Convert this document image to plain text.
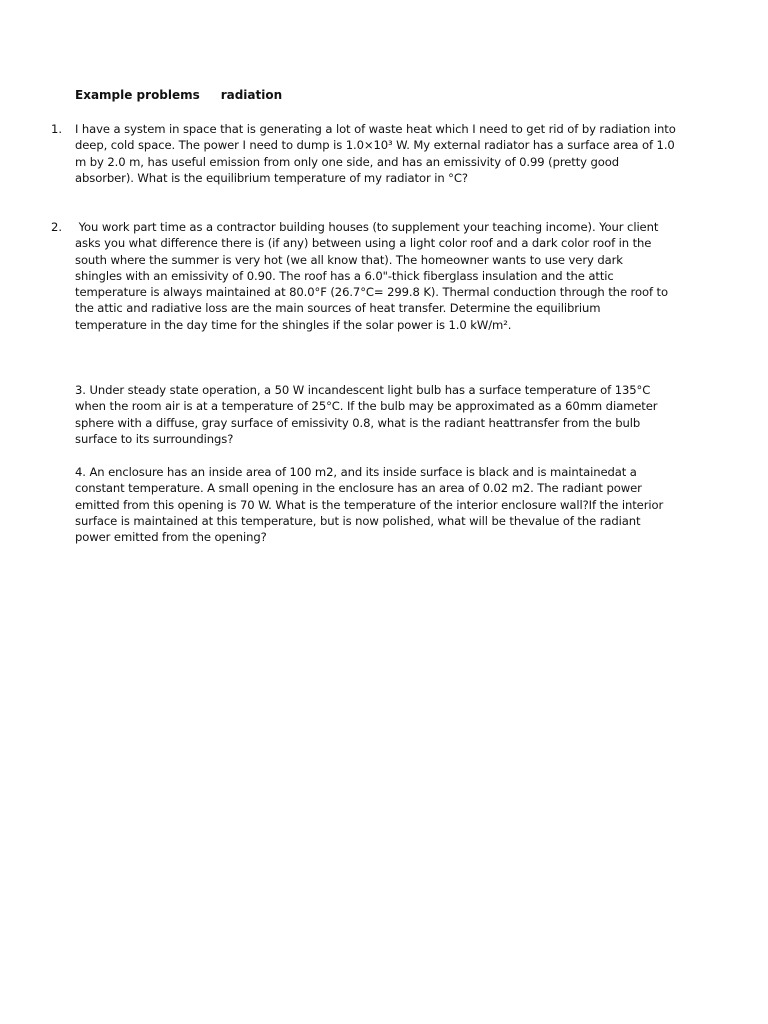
Example problems radiation
1. I have a system in space that is generating a lot of waste heat which I need to get rid of by radiation into
deep, cold space. The power I need to dump is 1.0×10³ W. My external radiator has a surface area of 1.0
m by 2.0 m, has useful emission from only one side, and has an emissivity of 0.99 (pretty good
absorber). What is the equilibrium temperature of my radiator in °C?
2. You work part time as a contractor building houses (to supplement your teaching income). Your client
asks you what difference there is (if any) between using a light color roof and a dark color roof in the
south where the summer is very hot (we all know that). The homeowner wants to use very dark
shingles with an emissivity of 0.90. The roof has a 6.0"-thick fiberglass insulation and the attic
temperature is always maintained at 80.0°F (26.7°C= 299.8 K). Thermal conduction through the roof to
the attic and radiative loss are the main sources of heat transfer. Determine the equilibrium
temperature in the day time for the shingles if the solar power is 1.0 kW/m².
3. Under steady state operation, a 50 W incandescent light bulb has a surface temperature of 135°C
when the room air is at a temperature of 25°C. If the bulb may be approximated as a 60mm diameter
sphere with a diffuse, gray surface of emissivity 0.8, what is the radiant heattransfer from the bulb
surface to its surroundings?
4. An enclosure has an inside area of 100 m2, and its inside surface is black and is maintainedat a
constant temperature. A small opening in the enclosure has an area of 0.02 m2. The radiant power
emitted from this opening is 70 W. What is the temperature of the interior enclosure wall?If the interior
surface is maintained at this temperature, but is now polished, what will be thevalue of the radiant
power emitted from the opening?
